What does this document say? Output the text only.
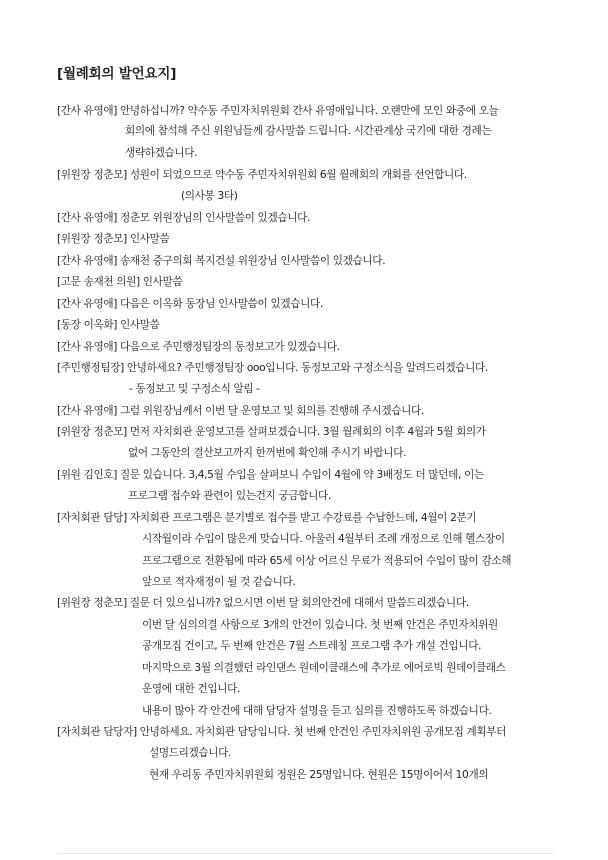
[월례회의 발언요지]
[간사 유영애] 안녕하십니까? 약수동 주민자치위원회 간사 유영애입니다. 오랜만에 모인 와중에 오늘
회의에 참석해 주신 위원님들께 감사말씀 드립니다. 시간관계상 국기에 대한 경례는
생략하겠습니다.
[위원장 정춘모] 성원이 되었으므로 약수동 주민자치위원회 6월 월례회의 개회를 선언합니다.
(의사봉 3타)
[간사 유영애] 정춘모 위원장님의 인사말씀이 있겠습니다.
[위원장 정춘모] 인사말씀
[간사 유영애] 송재천 중구의회 복지건설 위원장님 인사말씀이 있겠습니다.
[고문 송재천 의원] 인사말씀
[간사 유영애] 다음은 이옥화 동장님 인사말씀이 있겠습니다.
[동장 이옥화] 인사말씀
[간사 유영애] 다음으로 주민행정팀장의 동정보고가 있겠습니다.
[주민행정팀장] 안녕하세요? 주민행정팀장 ooo입니다. 동정보고와 구정소식을 알려드리겠습니다.
- 동정보고 및 구정소식 알림 -
[간사 유영애] 그럼 위원장님께서 이번 달 운영보고 및 회의를 진행해 주시겠습니다.
[위원장 정춘모] 먼저 자치회관 운영보고를 살펴보겠습니다. 3월 월례회의 이후 4월과 5월 회의가
없어 그동안의 결산보고까지 한꺼번에 확인해 주시기 바랍니다.
[위원 김인호] 질문 있습니다. 3,4,5월 수입을 살펴보니 수입이 4월에 약 3배정도 더 많던데, 이는
프로그램 접수와 관련이 있는건지 궁금합니다.
[자치회관 담당] 자치회관 프로그램은 분기별로 접수를 받고 수강료를 수납한느데, 4월이 2분기
시작월이라 수입이 많은게 맞습니다. 아울러 4월부터 조례 개정으로 인해 헬스장이
프로그램으로 전환됨에 따라 65세 이상 어르신 무료가 적용되어 수입이 많이 감소해
앞으로 적자재정이 될 것 같습니다.
[위원장 정춘모] 질문 더 있으십니까? 없으시면 이번 달 회의안건에 대해서 말씀드리겠습니다.
이번 달 심의의결 사항으로 3개의 안건이 있습니다. 첫 번째 안건은 주민자치위원
공개모집 건이고, 두 번째 안건은 7월 스트레칭 프로그램 추가 개설 건입니다.
마지막으로 3월 의결했던 라인댄스 원데이클래스에 추가로 에어로빅 원데이클래스
운영에 대한 건입니다.
내용이 많아 각 안건에 대해 담당자 설명을 듣고 심의를 진행하도록 하겠습니다.
[자치회관 담당자] 안녕하세요. 자치회관 담당입니다. 첫 번째 안건인 주민자치위원 공개모집 계획부터
설명드리겠습니다.
현재 우리동 주민자치위원회 정원은 25명입니다. 현원은 15명이어서 10개의
